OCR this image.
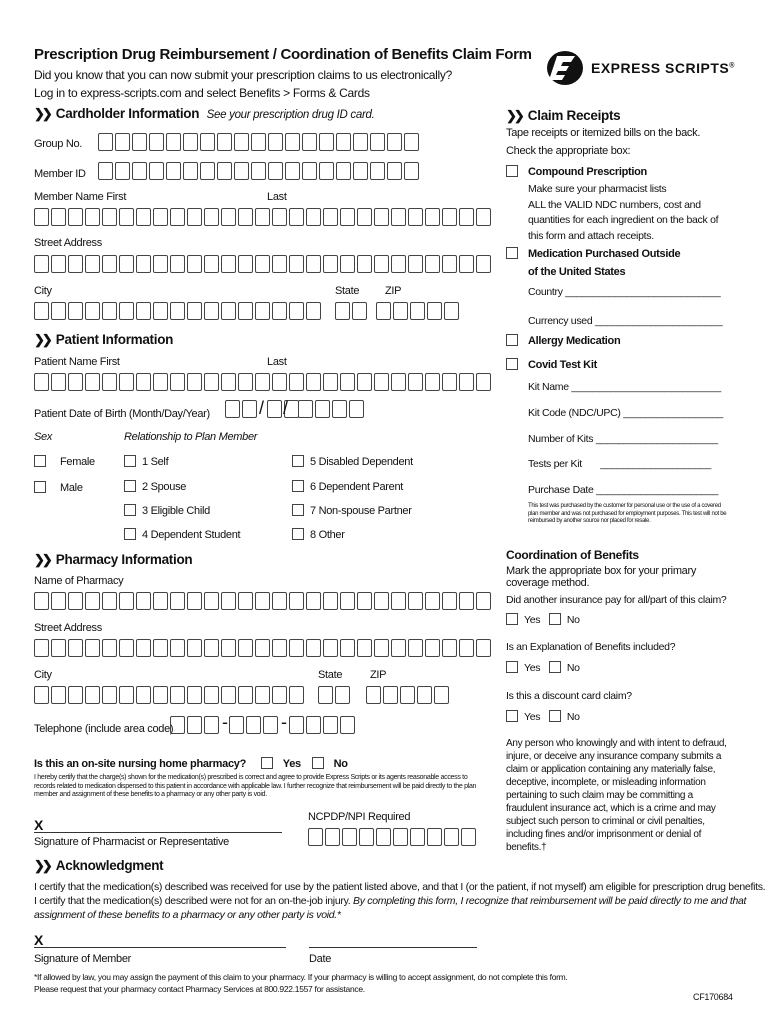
Prescription Drug Reimbursement / Coordination of Benefits Claim Form
Did you know that you can now submit your prescription claims to us electronically?
Log in to express-scripts.com and select Benefits > Forms & Cards
EXPRESS SCRIPTS®
❯❯ Cardholder Information See your prescription drug ID card.
Group No.
Member ID
Member Name First	Last
Street Address
City	State ZIP
❯❯ Patient Information
Patient Name First	Last
Patient Date of Birth (Month/Day/Year)	/ /
Sex	Relationship to Plan Member
Female
Male
1 Self
2 Spouse
3 Eligible Child
4 Dependent Student
5 Disabled Dependent
6 Dependent Parent
7 Non-spouse Partner
8 Other
❯❯ Pharmacy Information
Name of Pharmacy
Street Address
City	State	ZIP
Telephone (include area code)	-	-
Is this an on-site nursing home pharmacy?	Yes	No
I hereby certify that the charge(s) shown for the medication(s) prescribed is correct and agree to provide Express Scripts or its agents reasonable access to records related to medication dispensed to this patient in accordance with applicable law. I further recognize that reimbursement will be paid directly to the plan member and assignment of these benefits to a pharmacy or any other party is void.
X
Signature of Pharmacist or Representative
NCPDP/NPI Required
❯❯ Claim Receipts
Tape receipts or itemized bills on the back.
Check the appropriate box:
Compound Prescription
Make sure your pharmacist lists
ALL the VALID NDC numbers, cost and
quantities for each ingredient on the back of
this form and attach receipts.
Medication Purchased Outside
of the United States
Country ____________________________
Currency used _______________________
Allergy Medication
Covid Test Kit
Kit Name ___________________________
Kit Code (NDC/UPC) __________________
Number of Kits ______________________
Tests per Kit       ____________________
Purchase Date ______________________
This test was purchased by the customer for personal use or the use of a covered plan member and was not purchased for employment purposes. This test will not be reimbursed by another source nor placed for resale.
Coordination of Benefits
Mark the appropriate box for your primary coverage method.
Did another insurance pay for all/part of this claim?
Yes	No
Is an Explanation of Benefits included?
Yes	No
Is this a discount card claim?
Yes	No
Any person who knowingly and with intent to defraud, injure, or deceive any insurance company submits a claim or application containing any materially false, deceptive, incomplete, or misleading information pertaining to such claim may be committing a fraudulent insurance act, which is a crime and may subject such person to criminal or civil penalties, including fines and/or imprisonment or denial of benefits.†
❯❯ Acknowledgment
I certify that the medication(s) described was received for use by the patient listed above, and that I (or the patient, if not myself) am eligible for prescription drug benefits.
I certify that the medication(s) described were not for an on-the-job injury. By completing this form, I recognize that reimbursement will be paid directly to me and that
assignment of these benefits to a pharmacy or any other party is void.*
X
Signature of Member	Date
*If allowed by law, you may assign the payment of this claim to your pharmacy. If your pharmacy is willing to accept assignment, do not complete this form.
Please request that your pharmacy contact Pharmacy Services at 800.922.1557 for assistance.
CF170684
